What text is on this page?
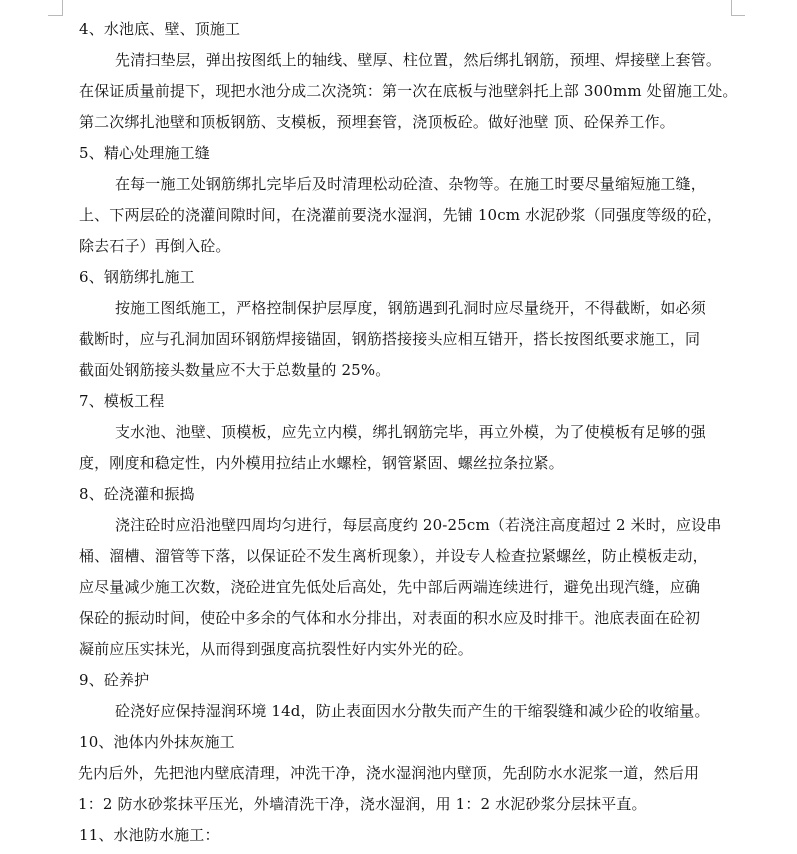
4、水池底、壁、顶施工
先清扫垫层，弹出按图纸上的轴线、壁厚、柱位置，然后绑扎钢筋，预埋、焊接壁上套管。
在保证质量前提下，现把水池分成二次浇筑：第一次在底板与池壁斜托上部 300mm 处留施工处。
第二次绑扎池壁和顶板钢筋、支模板，预埋套管，浇顶板砼。做好池壁 顶、砼保养工作。
5、精心处理施工缝
在每一施工处钢筋绑扎完毕后及时清理松动砼渣、杂物等。在施工时要尽量缩短施工缝，
上、下两层砼的浇灌间隙时间，在浇灌前要浇水湿润，先铺 10cm 水泥砂浆（同强度等级的砼，
除去石子）再倒入砼。
6、钢筋绑扎施工
按施工图纸施工，严格控制保护层厚度，钢筋遇到孔洞时应尽量绕开，不得截断，如必须
截断时，应与孔洞加固环钢筋焊接锚固，钢筋搭接接头应相互错开，搭长按图纸要求施工，同
截面处钢筋接头数量应不大于总数量的 25%。
7、模板工程
支水池、池壁、顶模板，应先立内模，绑扎钢筋完毕，再立外模，为了使模板有足够的强
度，刚度和稳定性，内外模用拉结止水螺栓，钢管紧固、螺丝拉条拉紧。
8、砼浇灌和振捣
浇注砼时应沿池壁四周均匀进行，每层高度约 20-25cm（若浇注高度超过 2 米时，应设串
桶、溜槽、溜管等下落，以保证砼不发生离析现象），并设专人检查拉紧螺丝，防止模板走动，
应尽量减少施工次数，浇砼进宜先低处后高处，先中部后两端连续进行，避免出现汽缝，应确
保砼的振动时间，使砼中多余的气体和水分排出，对表面的积水应及时排干。池底表面在砼初
凝前应压实抹光，从而得到强度高抗裂性好内实外光的砼。
9、砼养护
砼浇好应保持湿润环境 14d，防止表面因水分散失而产生的干缩裂缝和减少砼的收缩量。
10、池体内外抹灰施工
先内后外，先把池内壁底清理，冲洗干净，浇水湿润池内壁顶，先刮防水水泥浆一道，然后用
1：2 防水砂浆抹平压光，外墙清洗干净，浇水湿润，用 1：2 水泥砂浆分层抹平直。
11、水池防水施工：
